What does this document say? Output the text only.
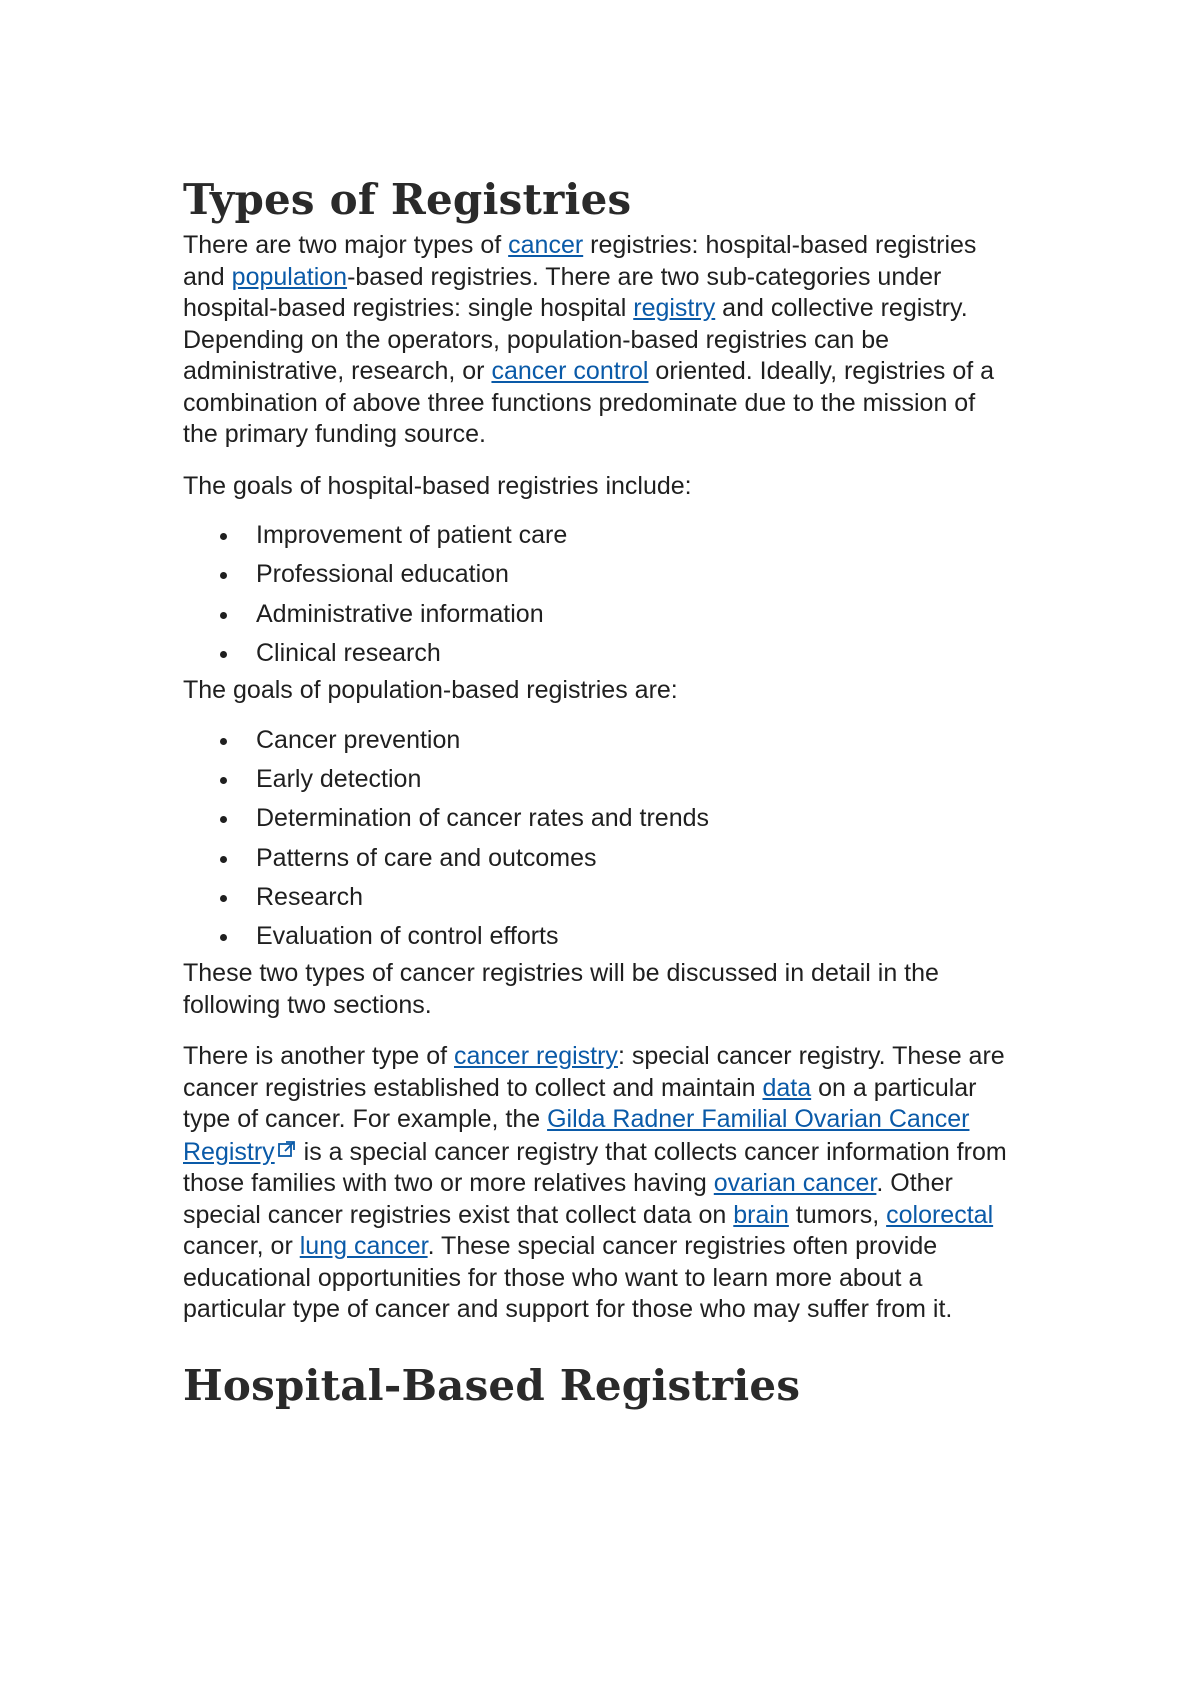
Types of Registries

There are two major types of cancer registries: hospital-based registries and population-based registries. There are two sub-categories under hospital-based registries: single hospital registry and collective registry. Depending on the operators, population-based registries can be administrative, research, or cancer control oriented. Ideally, registries of a combination of above three functions predominate due to the mission of the primary funding source.

The goals of hospital-based registries include:

Improvement of patient care
Professional education
Administrative information
Clinical research

The goals of population-based registries are:

Cancer prevention
Early detection
Determination of cancer rates and trends
Patterns of care and outcomes
Research
Evaluation of control efforts

These two types of cancer registries will be discussed in detail in the following two sections.

There is another type of cancer registry: special cancer registry. These are cancer registries established to collect and maintain data on a particular type of cancer. For example, the Gilda Radner Familial Ovarian Cancer Registry is a special cancer registry that collects cancer information from those families with two or more relatives having ovarian cancer. Other special cancer registries exist that collect data on brain tumors, colorectal cancer, or lung cancer. These special cancer registries often provide educational opportunities for those who want to learn more about a particular type of cancer and support for those who may suffer from it.

Hospital-Based Registries
